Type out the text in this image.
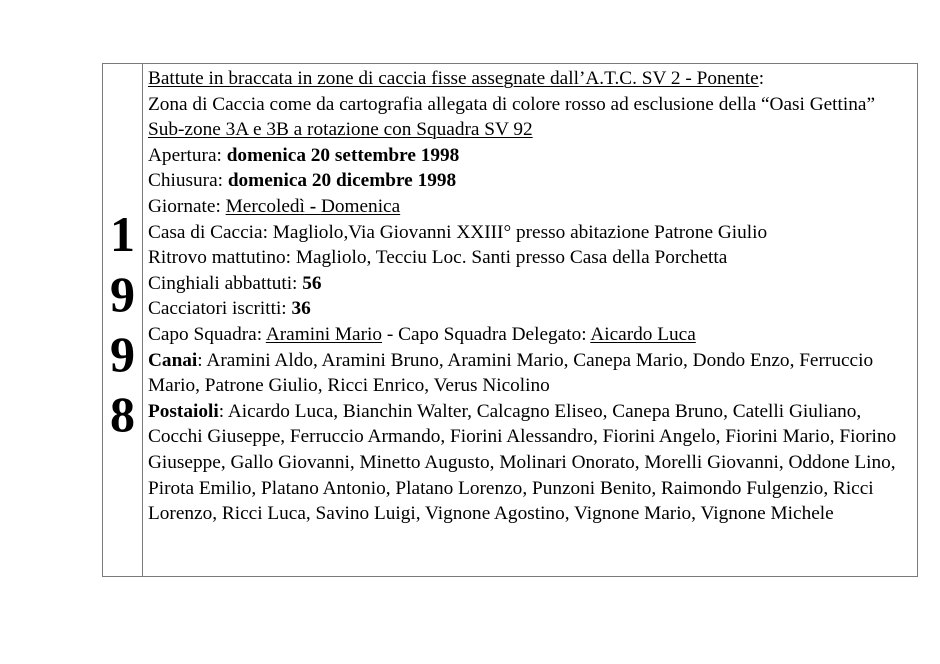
1
9
9
8
Battute in braccata in zone di caccia fisse assegnate dall’A.T.C. SV 2 - Ponente:
Zona di Caccia come da cartografia allegata di colore rosso ad esclusione della “Oasi Gettina”
Sub-zone 3A e 3B a rotazione con Squadra SV 92
Apertura: domenica 20 settembre 1998
Chiusura: domenica 20 dicembre 1998
Giornate: Mercoledì - Domenica
Casa di Caccia: Magliolo,Via Giovanni XXIII° presso abitazione Patrone Giulio
Ritrovo mattutino: Magliolo, Tecciu Loc. Santi presso Casa della Porchetta
Cinghiali abbattuti: 56
Cacciatori iscritti: 36
Capo Squadra: Aramini Mario - Capo Squadra Delegato: Aicardo Luca
Canai: Aramini Aldo, Aramini Bruno, Aramini Mario, Canepa Mario, Dondo Enzo, Ferruccio Mario, Patrone Giulio, Ricci Enrico, Verus Nicolino
Postaioli: Aicardo Luca, Bianchin Walter, Calcagno Eliseo, Canepa Bruno, Catelli Giuliano, Cocchi Giuseppe, Ferruccio Armando, Fiorini Alessandro, Fiorini Angelo, Fiorini Mario, Fiorino Giuseppe, Gallo Giovanni, Minetto Augusto, Molinari Onorato, Morelli Giovanni, Oddone Lino, Pirota Emilio, Platano Antonio, Platano Lorenzo, Punzoni Benito, Raimondo Fulgenzio, Ricci Lorenzo, Ricci Luca, Savino Luigi, Vignone Agostino, Vignone Mario, Vignone Michele
